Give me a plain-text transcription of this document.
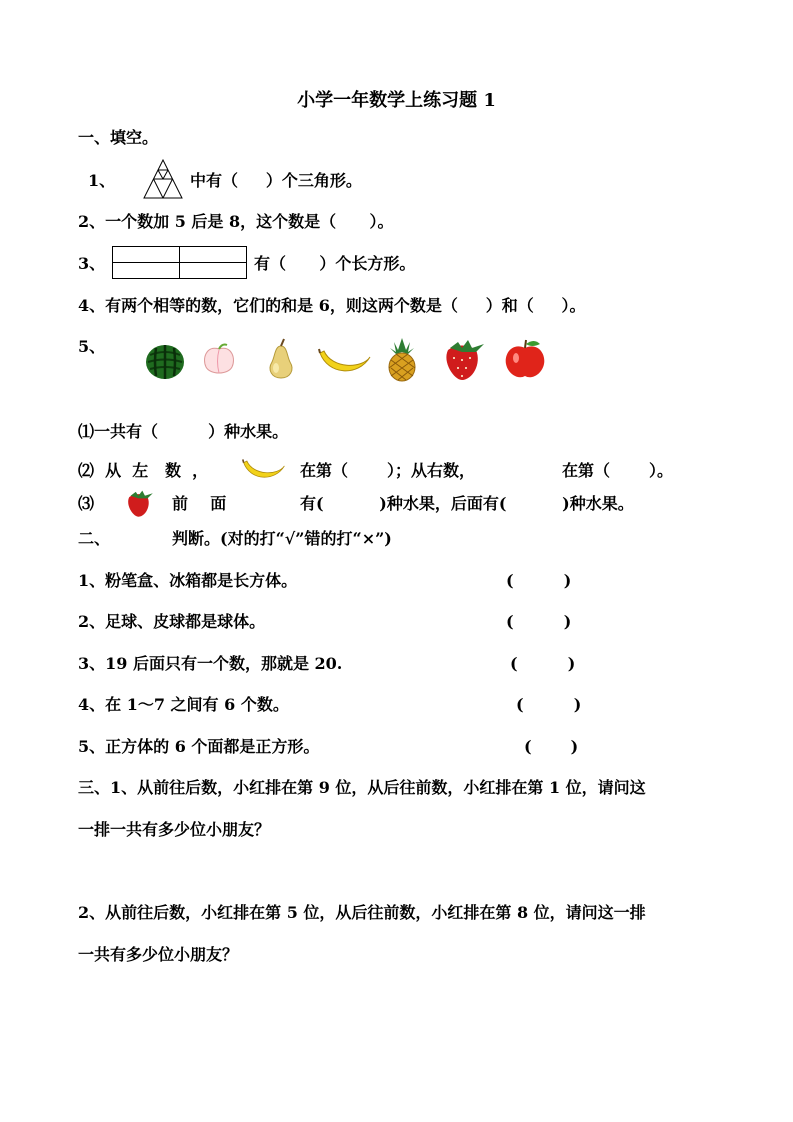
小学一年数学上练习题 1
一、填空。
1、	中有（     ）个三角形。
2、一个数加 5 后是 8，这个数是（      ）。
3、	有（      ）个长方形。
4、有两个相等的数，它们的和是 6，则这两个数是（     ）和（     ）。
5、
⑴一共有（         ）种水果。
⑵  从  左   数  ，	在第（       ）；从右数，	在第（       ）。
⑶	前    面	有(          )种水果，后面有(          )种水果。
二、	判断。(对的打“√”错的打“×”)
1、粉笔盒、冰箱都是长方体。	(         )
2、足球、皮球都是球体。	(         )
3、19 后面只有一个数，那就是 20.	(         )
4、在 1～7 之间有 6 个数。	(         )
5、正方体的 6 个面都是正方形。	(       )
三、1、从前往后数，小红排在第 9 位，从后往前数，小红排在第 1 位，请问这
一排一共有多少位小朋友？
2、从前往后数，小红排在第 5 位，从后往前数，小红排在第 8 位，请问这一排
一共有多少位小朋友？
